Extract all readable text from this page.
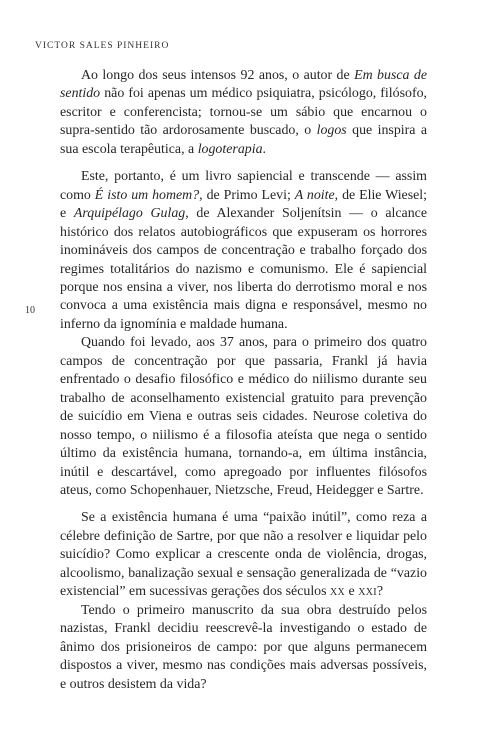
VICTOR SALES PINHEIRO
10

Ao longo dos seus intensos 92 anos, o autor de Em busca de sentido não foi apenas um médico psiquiatra, psicólogo, filósofo, escritor e conferencista; tornou-se um sábio que encarnou o supra-sentido tão ardorosamente buscado, o logos que inspira a sua escola terapêutica, a logoterapia.

Este, portanto, é um livro sapiencial e transcende — assim como É isto um homem?, de Primo Levi; A noite, de Elie Wiesel; e Arquipélago Gulag, de Alexander Soljenítsin — o alcance histórico dos relatos autobiográficos que expuseram os horrores inomináveis dos campos de concentração e trabalho forçado dos regimes totalitários do nazismo e comunismo. Ele é sapiencial porque nos ensina a viver, nos liberta do derrotismo moral e nos convoca a uma existência mais digna e responsável, mesmo no inferno da ignomínia e maldade humana.

Quando foi levado, aos 37 anos, para o primeiro dos quatro campos de concentração por que passaria, Frankl já havia enfrentado o desafio filosófico e médico do niilismo durante seu trabalho de aconselhamento existencial gratuito para prevenção de suicídio em Viena e outras seis cidades. Neurose coletiva do nosso tempo, o niilismo é a filosofia ateísta que nega o sentido último da existência humana, tornando-a, em última instância, inútil e descartável, como apregoado por influentes filósofos ateus, como Schopenhauer, Nietzsche, Freud, Heidegger e Sartre.

Se a existência humana é uma “paixão inútil”, como reza a célebre definição de Sartre, por que não a resolver e liquidar pelo suicídio? Como explicar a crescente onda de violência, drogas, alcoolismo, banalização sexual e sensação generalizada de “vazio existencial” em sucessivas gerações dos séculos xx e xxi?

Tendo o primeiro manuscrito da sua obra destruído pelos nazistas, Frankl decidiu reescrevê-la investigando o estado de ânimo dos prisioneiros de campo: por que alguns permanecem dispostos a viver, mesmo nas condições mais adversas possíveis, e outros desistem da vida?
